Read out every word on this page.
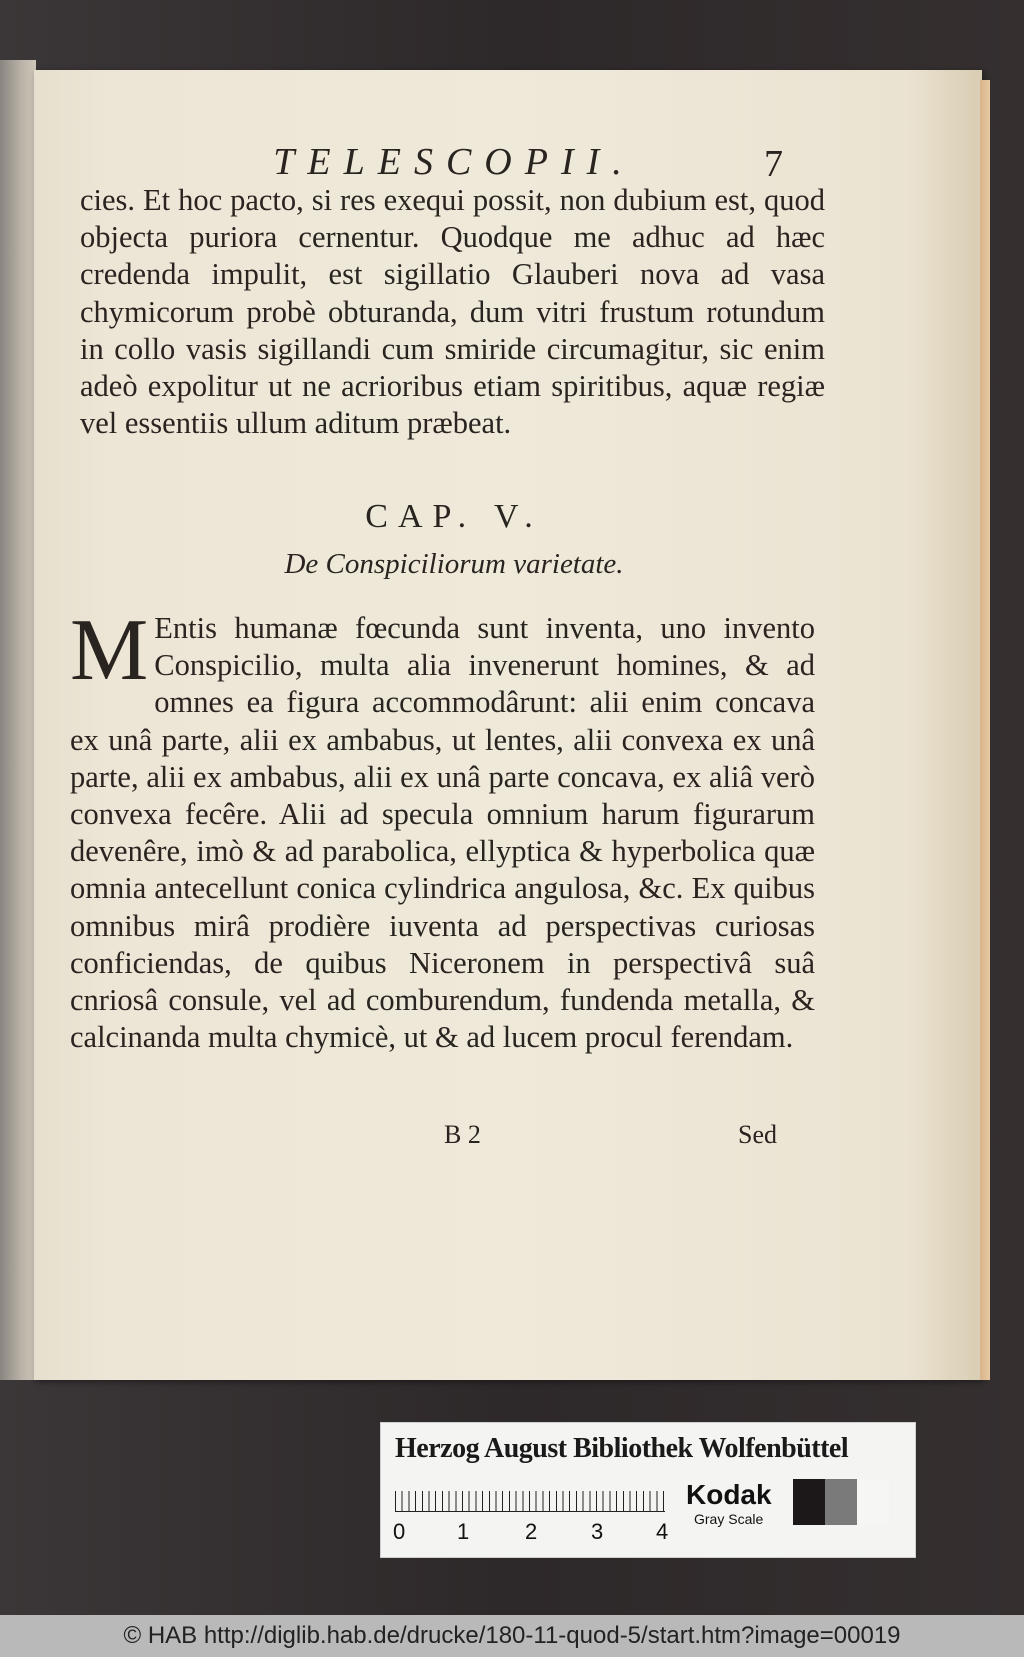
TELESCOPII.	7
cies. Et hoc pacto, si res exequi possit, non dubium est, quod objecta puriora cernentur. Quodque me adhuc ad hæc credenda impulit, est sigillatio Glauberi nova ad vasa chymicorum probè obturanda, dum vitri frustum rotundum in collo vasis sigillandi cum smiride circumagitur, sic enim adeò expolitur ut ne acrioribus etiam spiritibus, aquæ regiæ vel essentiis ullum aditum præbeat.
CAP. V.
De Conspiciliorum varietate.
M Entis humanæ fœcunda sunt inventa, uno invento Conspicilio, multa alia invenerunt homines, & ad omnes ea figura accommodârunt: alii enim concava ex unâ parte, alii ex ambabus, ut lentes, alii convexa ex unâ parte, alii ex ambabus, alii ex unâ parte concava, ex aliâ verò convexa fecêre. Alii ad specula omnium harum figurarum devenêre, imò & ad parabolica, ellyptica & hyperbolica quæ omnia antecellunt conica cylindrica angulosa, &c. Ex quibus omnibus mirâ prodière iuventa ad perspectivas curiosas conficiendas, de quibus Niceronem in perspectivâ suâ cnriosâ consule, vel ad comburendum, fundenda metalla, & calcinanda multa chymicè, ut & ad lucem procul ferendam.
B 2	Sed
Herzog August Bibliothek Wolfenbüttel
0 1	2 3 4
Kodak
Gray Scale
© HAB http://diglib.hab.de/drucke/180-11-quod-5/start.htm?image=00019
